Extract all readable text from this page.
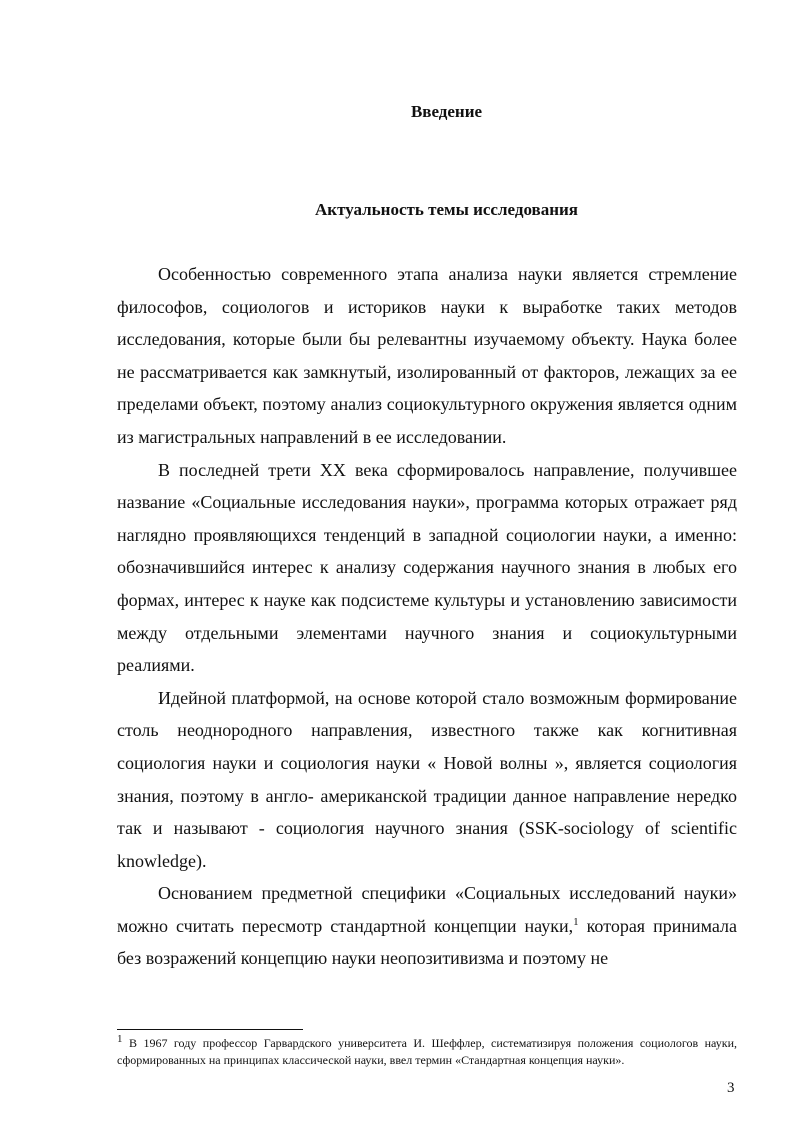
Введение
Актуальность темы исследования

Особенностью современного этапа анализа науки является стремление философов, социологов и историков науки к выработке таких методов исследования, которые были бы релевантны изучаемому объекту. Наука более не рассматривается как замкнутый, изолированный от факторов, лежащих за ее пределами объект, поэтому анализ социокультурного окружения является одним из магистральных направлений в ее исследовании.

В последней трети XX века сформировалось направление, получившее название «Социальные исследования науки», программа которых отражает ряд наглядно проявляющихся тенденций в западной социологии науки, а именно: обозначившийся интерес к анализу содержания научного знания в любых его формах, интерес к науке как подсистеме культуры и установлению зависимости между отдельными элементами научного знания и социокультурными реалиями.

Идейной платформой, на основе которой стало возможным формирование столь неоднородного направления, известного также как когнитивная социология науки и социология науки « Новой волны », является социология знания, поэтому в англо- американской традиции данное направление нередко так и называют - социология научного знания (SSK-sociology of scientific knowledge).

Основанием предметной специфики «Социальных исследований науки» можно считать пересмотр стандартной концепции науки,$^1$ которая принимала без возражений концепцию науки неопозитивизма и поэтому не

$^1$ В 1967 году профессор Гарвардского университета И. Шеффлер, систематизируя положения социологов науки, сформированных на принципах классической науки, ввел термин «Стандартная концепция науки».
3
